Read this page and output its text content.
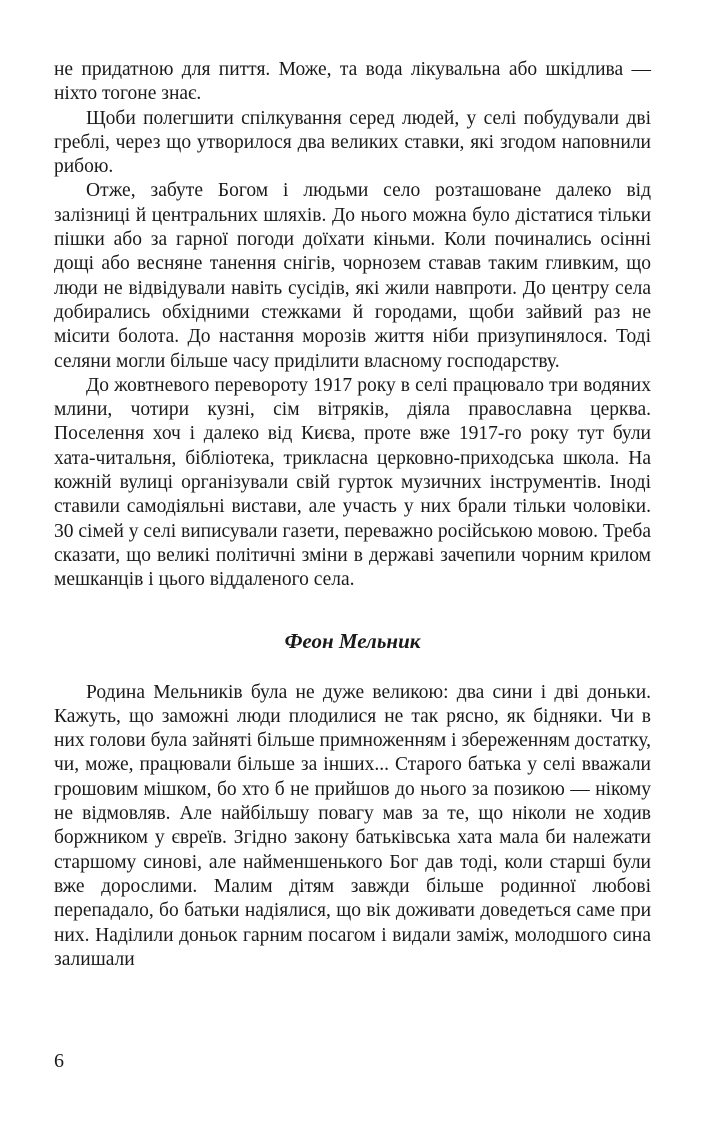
не придатною для пиття. Може, та вода лікувальна або шкідлива — ніхто тогоне знає.

Щоби полегшити спілкування серед людей, у селі побудували дві греблі, через що утворилося два великих ставки, які згодом наповнили рибою.

Отже, забуте Богом і людьми село розташоване далеко від залізниці й центральних шляхів. До нього можна було дістатися тільки пішки або за гарної погоди доїхати кіньми. Коли починались осінні дощі або весняне танення снігів, чорнозем ставав таким гливким, що люди не відвідували навіть сусідів, які жили навпроти. До центру села добирались обхідними стежками й городами, щоби зайвий раз не місити болота. До настання морозів життя ніби призупинялося. Тоді селяни могли більше часу приділити власному господарству.

До жовтневого перевороту 1917 року в селі працювало три водяних млини, чотири кузні, сім вітряків, діяла православна церква. Поселення хоч і далеко від Києва, проте вже 1917-го року тут були хата-читальня, бібліотека, трикласна церковно-приходська школа. На кожній вулиці організували свій гурток музичних інструментів. Іноді ставили самодіяльні вистави, але участь у них брали тільки чоловіки. 30 сімей у селі виписували газети, переважно російською мовою. Треба сказати, що великі політичні зміни в державі зачепили чорним крилом мешканців і цього віддаленого села.

Феон Мельник

Родина Мельників була не дуже великою: два сини і дві доньки. Кажуть, що заможні люди плодилися не так рясно, як бідняки. Чи в них голови була зайняті більше примноженням і збереженням достатку, чи, може, працювали більше за інших... Старого батька у селі вважали грошовим мішком, бо хто б не прийшов до нього за позикою — нікому не відмовляв. Але найбільшу повагу мав за те, що ніколи не ходив боржником у євреїв. Згідно закону батьківська хата мала би належати старшому синові, але найменшенького Бог дав тоді, коли старші були вже дорослими. Малим дітям завжди більше родинної любові перепадало, бо батьки надіялися, що вік доживати доведеться саме при них. Наділили доньок гарним посагом і видали заміж, молодшого сина залишали

6
